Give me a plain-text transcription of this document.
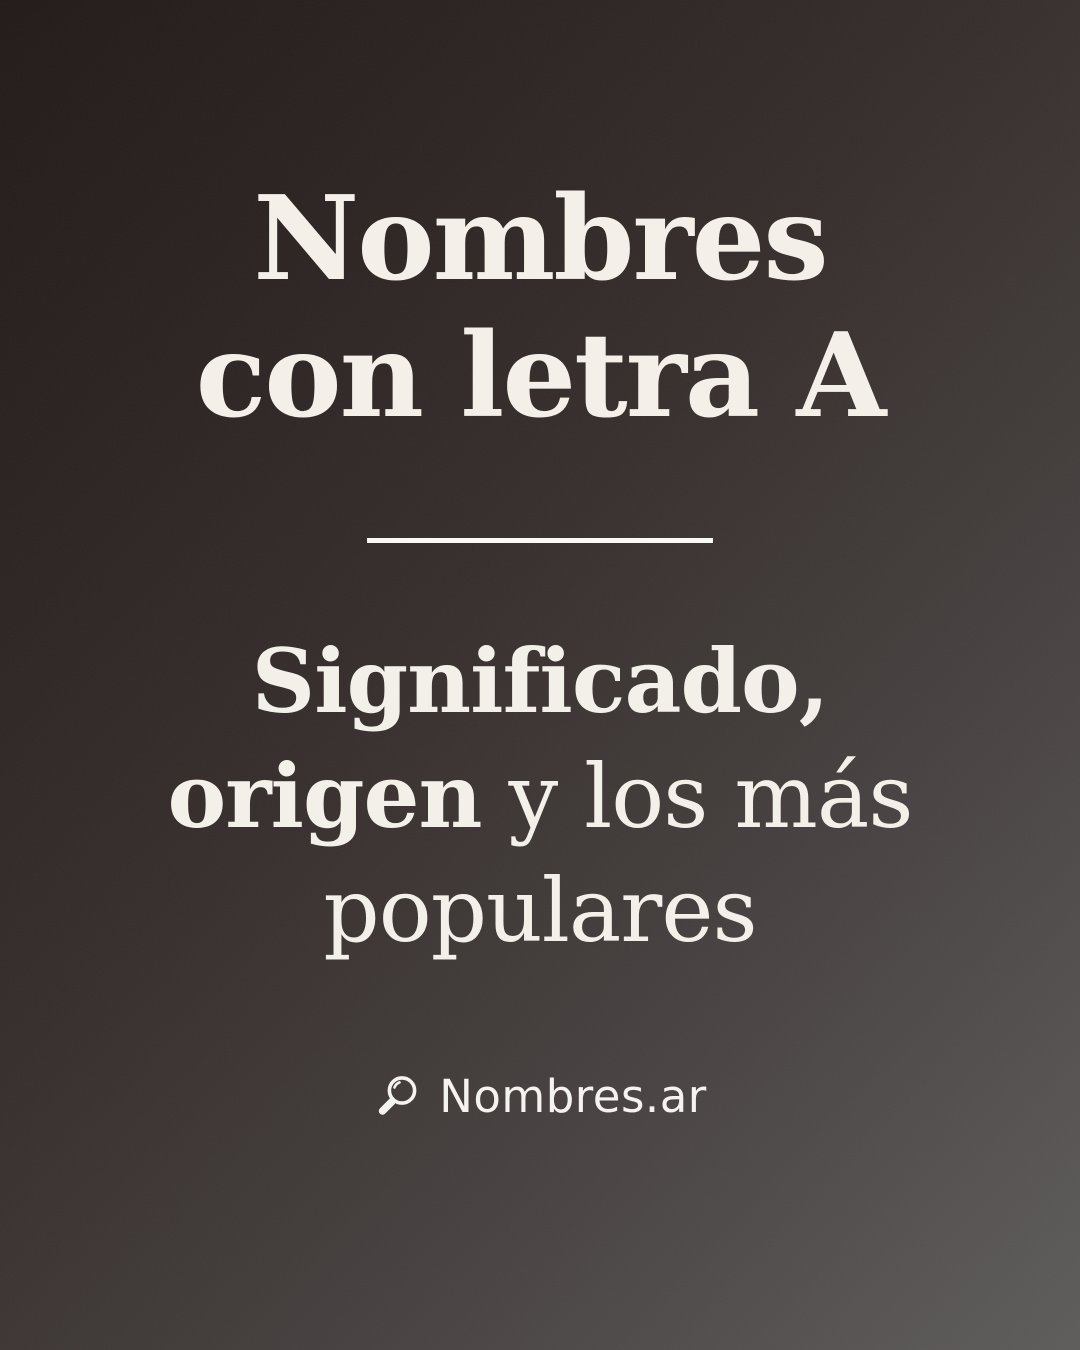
Nombres
con letra A

Significado,
origen y los más
populares

Nombres.ar
